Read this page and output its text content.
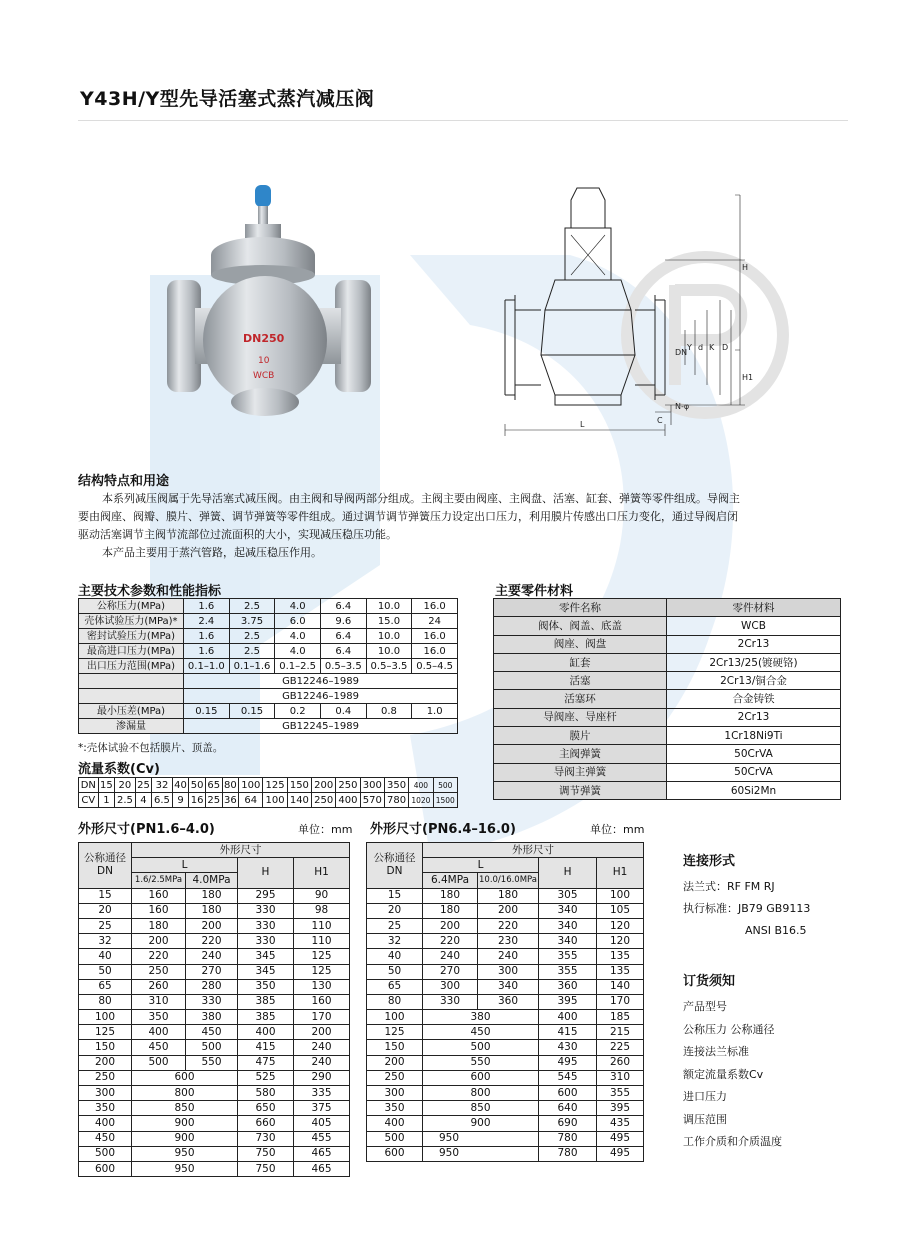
Y43H/Y型先导活塞式蒸汽减压阀
DN250
10
WCB
H
H1
DN
Y d K D
L	C
N-φ
结构特点和用途
本系列减压阀属于先导活塞式减压阀。由主阀和导阀两部分组成。主阀主要由阀座、主阀盘、活塞、缸套、弹簧等零件组成。导阀主
要由阀座、阀瓣、膜片、弹簧、调节弹簧等零件组成。通过调节调节弹簧压力设定出口压力，利用膜片传感出口压力变化，通过导阀启闭
驱动活塞调节主阀节流部位过流面积的大小，实现减压稳压功能。
本产品主要用于蒸汽管路，起减压稳压作用。
主要技术参数和性能指标
公称压力(MPa)	1.6	2.5	4.0	6.4	10.0	16.0
壳体试验压力(MPa)*	2.4	3.75	6.0	9.6	15.0	24
密封试验压力(MPa)	1.6	2.5	4.0	6.4	10.0	16.0
最高进口压力(MPa)	1.6	2.5	4.0	6.4	10.0	16.0
出口压力范围(MPa)	0.1–1.0	0.1–1.6	0.1–2.5	0.5–3.5	0.5–3.5	0.5–4.5
	GB12246–1989					
	GB12246–1989					
最小压差(MPa)	0.15	0.15	0.2	0.4	0.8	1.0
渗漏量	GB12245–1989					
*:壳体试验不包括膜片、顶盖。
主要零件材料
零件名称	零件材料
阀体、阀盖、底盖	WCB
阀座、阀盘	2Cr13
缸套	2Cr13/25(镀硬铬)
活塞	2Cr13/铜合金
活塞环	合金铸铁
导阀座、导座杆	2Cr13
膜片	1Cr18Ni9Ti
主阀弹簧	50CrVA
导阀主弹簧	50CrVA
调节弹簧	60Si2Mn
流量系数(Cv)
DN	15	20	25	32	40	50	65	80	100	125	150	200	250	300	350	400	500
CV	1	2.5	4	6.5	9	16	25	36	64	100	140	250	400	570	780	1020	1500
外形尺寸(PN1.6–4.0)	单位：mm
公称通径DN	外形尺寸			
	L		H	H1
	1.6/2.5MPa	4.0MPa		
15	160	180	295	90
20	160	180	330	98
25	180	200	330	110
32	200	220	330	110
40	220	240	345	125
50	250	270	345	125
65	260	280	350	130
80	310	330	385	160
100	350	380	385	170
125	400	450	400	200
150	450	500	415	240
200	500	550	475	240
250	600		525	290
300	800		580	335
350	850		650	375
400	900		660	405
450	900		730	455
500	950		750	465
600	950		750	465
外形尺寸(PN6.4–16.0)	单位：mm
公称通径DN	外形尺寸			
	L		H	H1
	6.4MPa	10.0/16.0MPa		
15	180	180	305	100
20	180	200	340	105
25	200	220	340	120
32	220	230	340	120
40	240	240	355	135
50	270	300	355	135
65	300	340	360	140
80	330	360	395	170
100	380		400	185
125	450		415	215
150	500		430	225
200	550		495	260
250	600		545	310
300	800		600	355
350	850		640	395
400	900		690	435
500	950		780	495
600	950		780	495
连接形式
法兰式：RF FM RJ
执行标准：JB79 GB9113
ANSI B16.5
订货须知
产品型号
公称压力 公称通径
连接法兰标准
额定流量系数Cv
进口压力
调压范围
工作介质和介质温度
